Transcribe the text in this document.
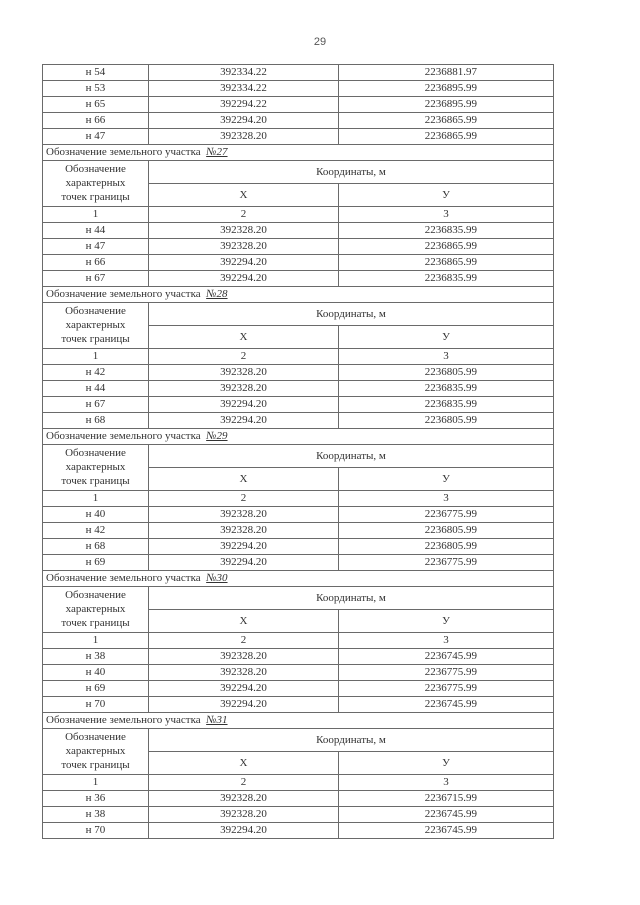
29
н 54	392334.22	2236881.97
н 53	392334.22	2236895.99
н 65	392294.22	2236895.99
н 66	392294.20	2236865.99
н 47	392328.20	2236865.99
Обозначение земельного участка №27		

Обозначение
характерных
точек границы	Координаты, м	
	Х	У
1	2	3
н 44	392328.20	2236835.99
н 47	392328.20	2236865.99
н 66	392294.20	2236865.99
н 67	392294.20	2236835.99
Обозначение земельного участка №28		

Обозначение
характерных
точек границы	Координаты, м	
	Х	У
1	2	3
н 42	392328.20	2236805.99
н 44	392328.20	2236835.99
н 67	392294.20	2236835.99
н 68	392294.20	2236805.99
Обозначение земельного участка №29		

Обозначение
характерных
точек границы	Координаты, м	
	Х	У
1	2	3
н 40	392328.20	2236775.99
н 42	392328.20	2236805.99
н 68	392294.20	2236805.99
н 69	392294.20	2236775.99
Обозначение земельного участка №30		

Обозначение
характерных
точек границы	Координаты, м	
	Х	У
1	2	3
н 38	392328.20	2236745.99
н 40	392328.20	2236775.99
н 69	392294.20	2236775.99
н 70	392294.20	2236745.99
Обозначение земельного участка №31		

Обозначение
характерных
точек границы	Координаты, м	
	Х	У
1	2	3
н 36	392328.20	2236715.99
н 38	392328.20	2236745.99
н 70	392294.20	2236745.99
